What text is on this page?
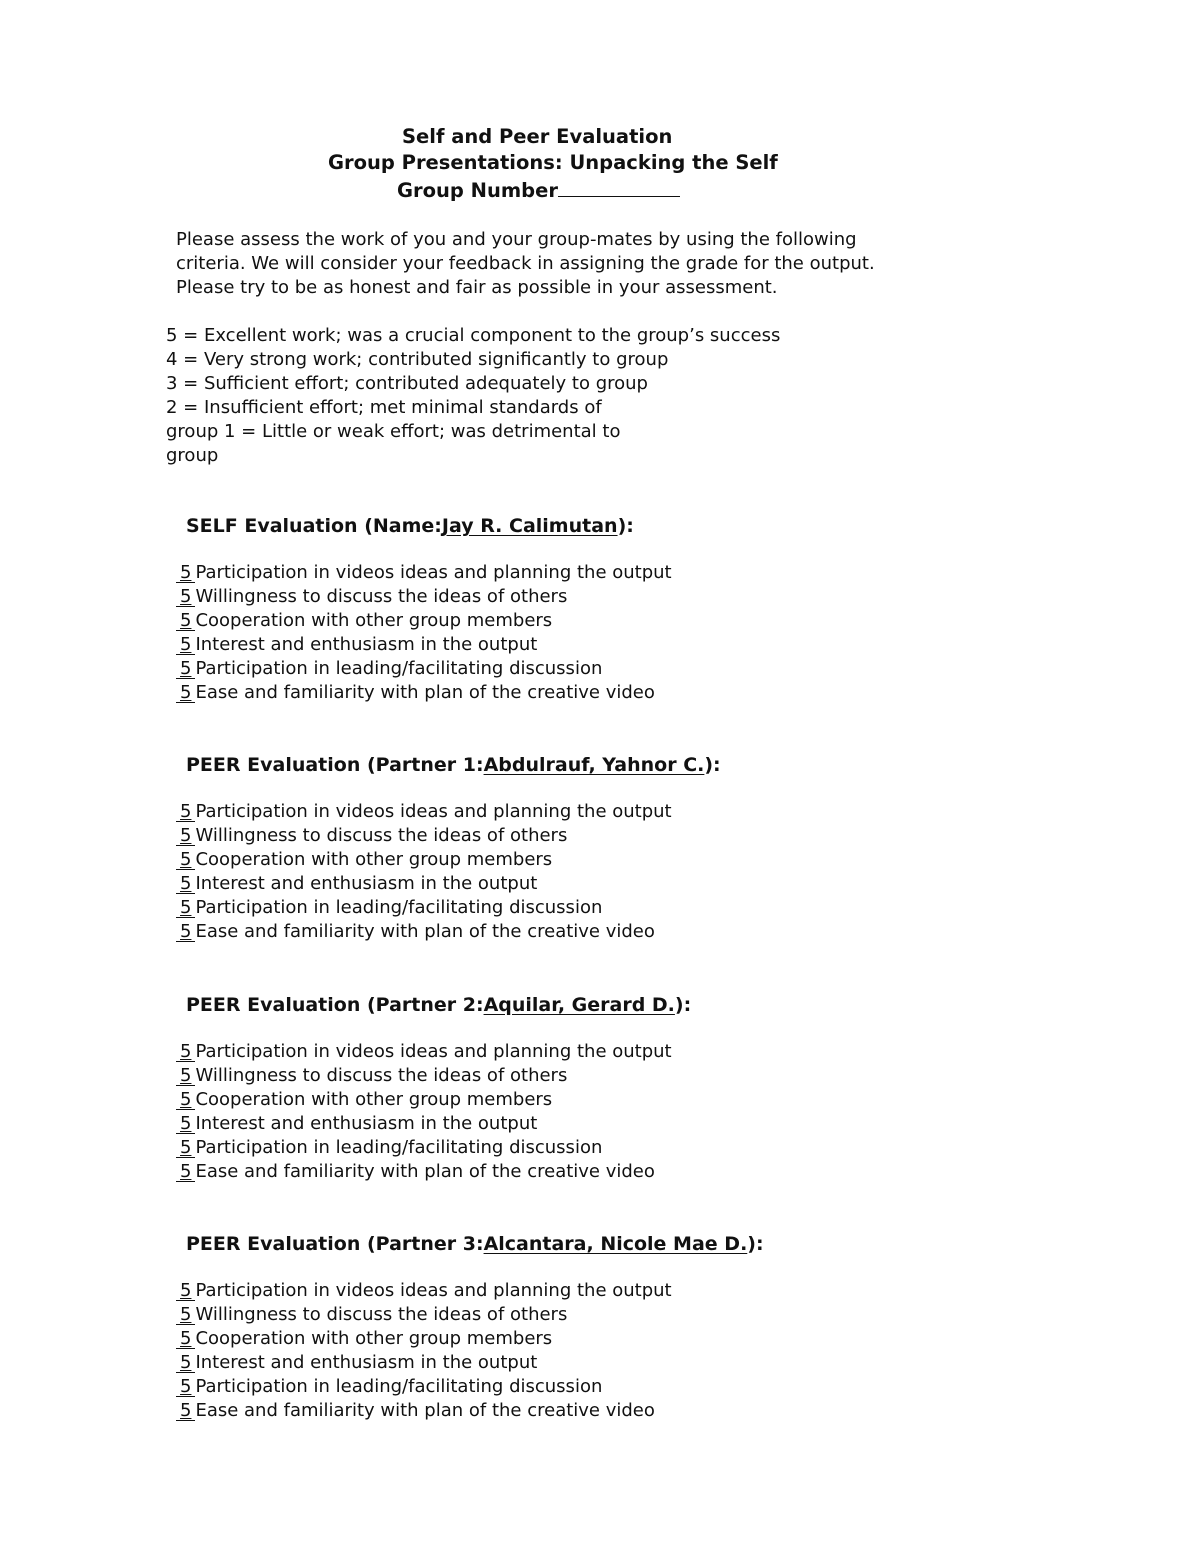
Self and Peer Evaluation
Group Presentations: Unpacking the Self
Group Number
Please assess the work of you and your group-mates by using the following
criteria. We will consider your feedback in assigning the grade for the output.
Please try to be as honest and fair as possible in your assessment.
5 = Excellent work; was a crucial component to the group’s success
4 = Very strong work; contributed significantly to group
3 = Sufficient effort; contributed adequately to group
2 = Insufficient effort; met minimal standards of
group 1 = Little or weak effort; was detrimental to
group
SELF Evaluation (Name:Jay R. Calimutan):
5 Participation in videos ideas and planning the output
5 Willingness to discuss the ideas of others
5 Cooperation with other group members
5 Interest and enthusiasm in the output
5 Participation in leading/facilitating discussion
5 Ease and familiarity with plan of the creative video
PEER Evaluation (Partner 1:Abdulrauf, Yahnor C.):
5 Participation in videos ideas and planning the output
5 Willingness to discuss the ideas of others
5 Cooperation with other group members
5 Interest and enthusiasm in the output
5 Participation in leading/facilitating discussion
5 Ease and familiarity with plan of the creative video
PEER Evaluation (Partner 2:Aquilar, Gerard D.):
5 Participation in videos ideas and planning the output
5 Willingness to discuss the ideas of others
5 Cooperation with other group members
5 Interest and enthusiasm in the output
5 Participation in leading/facilitating discussion
5 Ease and familiarity with plan of the creative video
PEER Evaluation (Partner 3:Alcantara, Nicole Mae D.):
5 Participation in videos ideas and planning the output
5 Willingness to discuss the ideas of others
5 Cooperation with other group members
5 Interest and enthusiasm in the output
5 Participation in leading/facilitating discussion
5 Ease and familiarity with plan of the creative video
